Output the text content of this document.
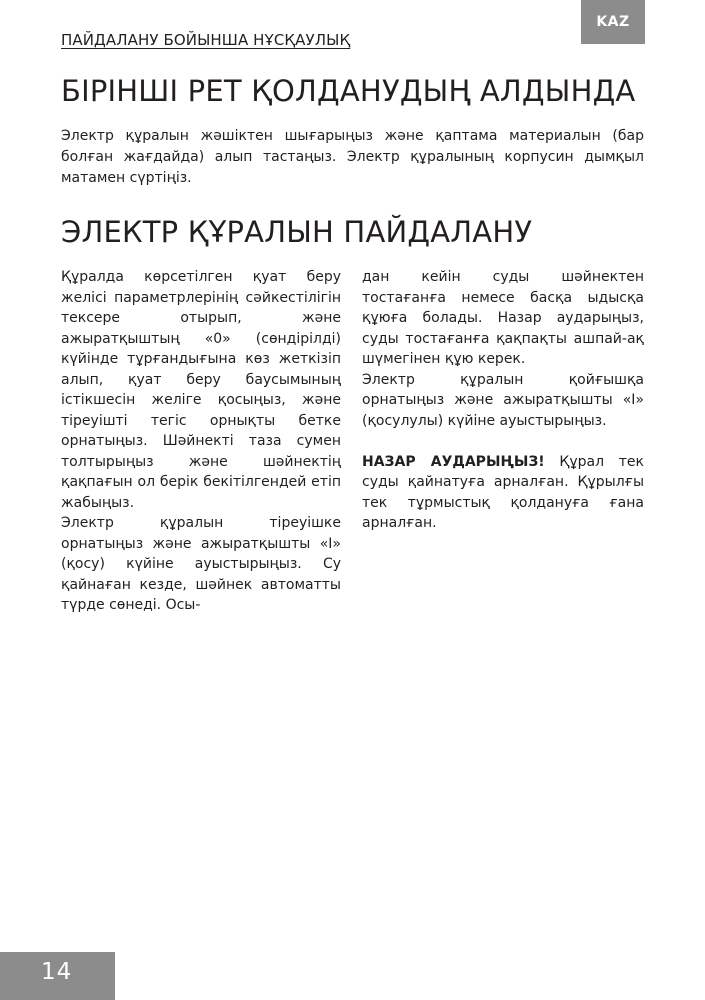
ПАЙДАЛАНУ БОЙЫНША НҰСҚАУЛЫҚ
KAZ
БІРІНШІ РЕТ ҚОЛДАНУДЫҢ АЛДЫНДА

Электр құралын жәшіктен шығарыңыз және қаптама материалын (бар болған жағдайда) алып тастаңыз. Электр құралының корпусин дымқыл матамен сүртіңіз.

ЭЛЕКТР ҚҰРАЛЫН ПАЙДАЛАНУ

Құралда көрсетілген қуат беру желісі параметрлерінің сәйкестілігін тексере отырып, және ажыратқыштың «0» (сөндірілді) күйінде тұрғандығына көз жеткізіп алып, қуат беру баусымының істікшесін желіге қосыңыз, және тіреуішті тегіс орнықты бетке орнатыңыз. Шәйнекті таза сумен толтырыңыз және шәйнектің қақпағын ол берік бекітілгендей етіп жабыңыз.

Электр құралын тіреуішке орнатыңыз және ажыратқышты «I» (қосу) күйіне ауыстырыңыз. Су қайнаған кезде, шәйнек автоматты түрде сөнеді. Осы-

дан кейін суды шәйнектен тостағанға немесе басқа ыдысқа құюға болады. Назар аударыңыз, суды тостағанға қақпақты ашпай-ақ шүмегінен құю керек.

Электр құралын қойғышқа орнатыңыз және ажыратқышты «I» (қосулулы) күйіне ауыстырыңыз.

НАЗАР АУДАРЫҢЫЗ! Құрал тек суды қайнатуға арналған. Құрылғы тек тұрмыстық қолдануға ғана арналған.

14
